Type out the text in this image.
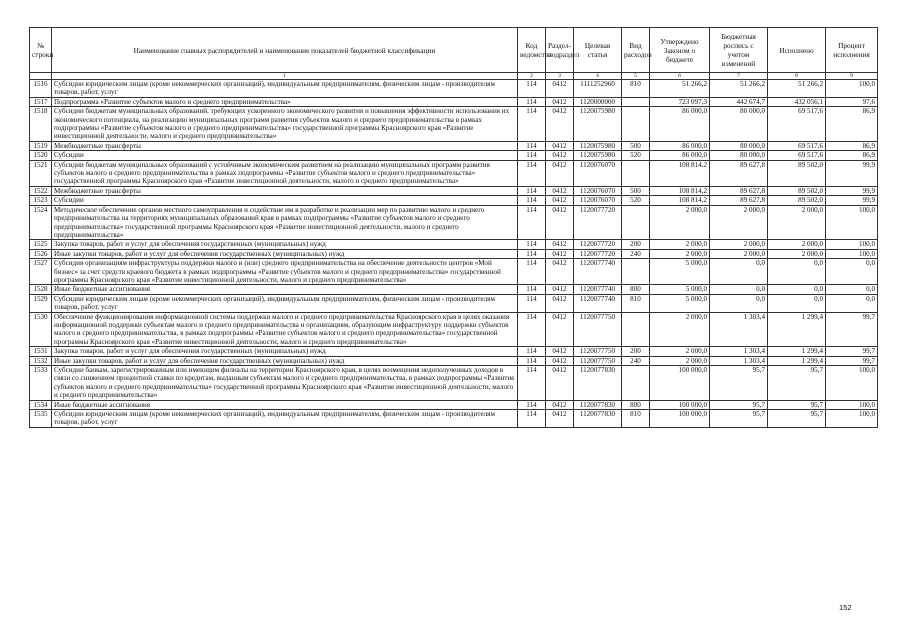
№ строки	Наименование главных распорядителей и наименование показателей бюджетной классификации	Код ведомства	Раздел-подраздел	Целевая статья	Вид расходов	Утверждено Законом о бюджете	Бюджетная роспись с учетом изменений	Исполнено	Процент исполнения
	1	2	3	4	5	6	7	8	9
1516	Субсидии юридическим лицам (кроме некоммерческих организаций), индивидуальным предпринимателям, физическим лицам - производителям товаров, работ, услуг	114	0412	1111252960	810	51 266,2	51 266,2	51 266,2	100,0
1517	Подпрограмма «Развитие субъектов малого и среднего предпринимательства»	114	0412	1120000000		723 097,3	442 674,7	432 056,1	97,6
1518	Субсидии бюджетам муниципальных образований, требующих ускоренного экономического развития и повышения эффективности использования их экономического потенциала, на реализацию муниципальных программ развития субъектов малого и среднего предпринимательства в рамках подпрограммы «Развитие субъектов малого и среднего предпринимательства» государственной программы Красноярского края «Развитие инвестиционной деятельности, малого и среднего предпринимательства»	114	0412	1120075980		86 000,0	80 000,0	69 517,6	86,9
1519	Межбюджетные трансферты	114	0412	1120075980	500	86 000,0	80 000,0	69 517,6	86,9
1520	Субсидии	114	0412	1120075980	520	86 000,0	80 000,0	69 517,6	86,9
1521	Субсидии бюджетам муниципальных образований с устойчивым экономическим развитием на реализацию муниципальных программ развития субъектов малого и среднего предпринимательства в рамках подпрограммы «Развитие субъектов малого и среднего предпринимательства» государственной программы Красноярского края «Развитие инвестиционной деятельности, малого и среднего предпринимательства»	114	0412	1120076070		108 814,2	89 627,8	89 502,0	99,9
1522	Межбюджетные трансферты	114	0412	1120076070	500	108 814,2	89 627,8	89 502,0	99,9
1523	Субсидии	114	0412	1120076070	520	108 814,2	89 627,8	89 502,0	99,9
1524	Методическое обеспечение органов местного самоуправления и содействие им в разработке и реализации мер по развитию малого и среднего предпринимательства на территориях муниципальных образований края в рамках подпрограммы «Развитие субъектов малого и среднего предпринимательства» государственной программы Красноярского края «Развитие инвестиционной деятельности, малого и среднего предпринимательства»	114	0412	1120077720		2 000,0	2 000,0	2 000,0	100,0
1525	Закупка товаров, работ и услуг для обеспечения государственных (муниципальных) нужд	114	0412	1120077720	200	2 000,0	2 000,0	2 000,0	100,0
1526	Иные закупки товаров, работ и услуг для обеспечения государственных (муниципальных) нужд	114	0412	1120077720	240	2 000,0	2 000,0	2 000,0	100,0
1527	Субсидия организациям инфраструктуры поддержки малого и (или) среднего предпринимательства на обеспечение деятельности центров «Мой бизнес» за счет средств краевого бюджета в рамках подпрограммы «Развитие субъектов малого и среднего предпринимательства» государственной программы Красноярского края «Развитие инвестиционной деятельности, малого и среднего предпринимательства»	114	0412	1120077740		5 000,0	0,0	0,0	0,0
1528	Иные бюджетные ассигнования	114	0412	1120077740	800	5 000,0	0,0	0,0	0,0
1529	Субсидии юридическим лицам (кроме некоммерческих организаций), индивидуальным предпринимателям, физическим лицам - производителям товаров, работ, услуг	114	0412	1120077740	810	5 000,0	0,0	0,0	0,0
1530	Обеспечение функционирования информационной системы поддержки малого и среднего предпринимательства Красноярского края в целях оказания информационной поддержки субъектам малого и среднего предпринимательства и организациям, образующим инфраструктуру поддержки субъектов малого и среднего предпринимательства, в рамках подпрограммы «Развитие субъектов малого и среднего предпринимательства» государственной программы Красноярского края «Развитие инвестиционной деятельности, малого и среднего предпринимательства»	114	0412	1120077750		2 000,0	1 303,4	1 299,4	99,7
1531	Закупка товаров, работ и услуг для обеспечения государственных (муниципальных) нужд	114	0412	1120077750	200	2 000,0	1 303,4	1 299,4	99,7
1532	Иные закупки товаров, работ и услуг для обеспечения государственных (муниципальных) нужд	114	0412	1120077750	240	2 000,0	1 303,4	1 299,4	99,7
1533	Субсидии банкам, зарегистрированным или имеющим филиалы на территории Красноярского края, в целях возмещения недополученных доходов в связи со снижением процентной ставки по кредитам, выданным субъектам малого и среднего предпринимательства, в рамках подпрограммы «Развитие субъектов малого и среднего предпринимательства» государственной программы Красноярского края «Развитие инвестиционной деятельности, малого и среднего предпринимательства»	114	0412	1120077830		100 000,0	95,7	95,7	100,0
1534	Иные бюджетные ассигнования	114	0412	1120077830	800	100 000,0	95,7	95,7	100,0
1535	Субсидии юридическим лицам (кроме некоммерческих организаций), индивидуальным предпринимателям, физическим лицам - производителям товаров, работ, услуг	114	0412	1120077830	810	100 000,0	95,7	95,7	100,0
152
